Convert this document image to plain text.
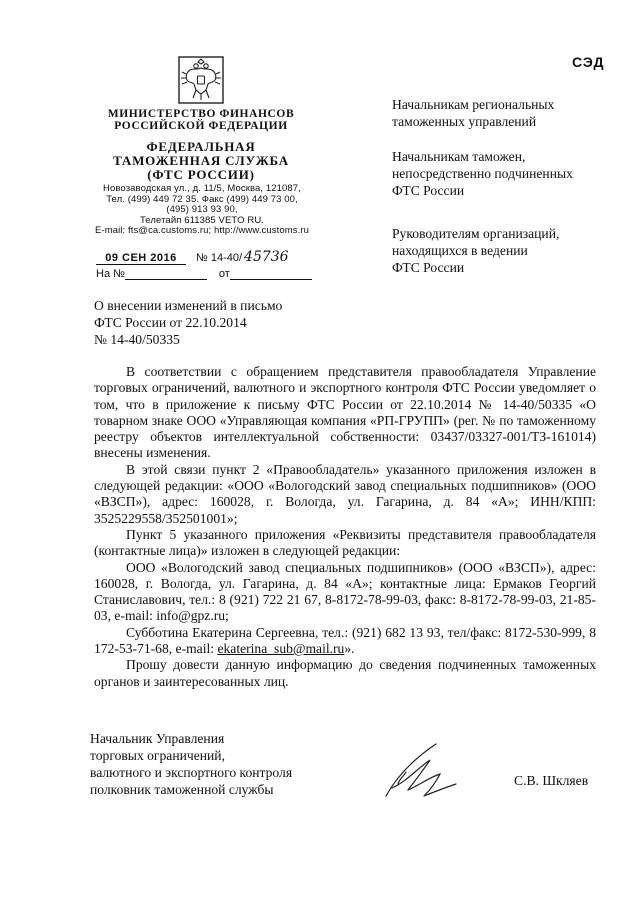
СЭД
МИНИСТЕРСТВО ФИНАНСОВ
РОССИЙСКОЙ ФЕДЕРАЦИИ
ФЕДЕРАЛЬНАЯ
ТАМОЖЕННАЯ СЛУЖБА
(ФТС РОССИИ)
Новозаводская ул., д. 11/5, Москва, 121087,
Тел. (499) 449 72 35. Факс (499) 449 73 00,
(495) 913 93 90,
Телетайп 611385 VETO RU.
E-mail: fts@ca.customs.ru; http://www.customs.ru
09 СЕН 2016 № 14-40/ 45736
На №	от
Начальникам региональных
таможенных управлений
Начальникам таможен,
непосредственно подчиненных
ФТС России
Руководителям организаций,
находящихся в ведении
ФТС России
О внесении изменений в письмо
ФТС России от 22.10.2014
№ 14-40/50335

В соответствии с обращением представителя правообладателя Управление торговых ограничений, валютного и экспортного контроля ФТС России уведомляет о том, что в приложение к письму ФТС России от 22.10.2014 № 14-40/50335 «О товарном знаке ООО «Управляющая компания «РП-ГРУПП» (рег. № по таможенному реестру объектов интеллектуальной собственности: 03437/03327-001/ТЗ-161014) внесены изменения.

В этой связи пункт 2 «Правообладатель» указанного приложения изложен в следующей редакции: «ООО «Вологодский завод специальных подшипников» (ООО «ВЗСП»), адрес: 160028, г. Вологда, ул. Гагарина, д. 84 «А»; ИНН/КПП: 3525229558/352501001»;

Пункт 5 указанного приложения «Реквизиты представителя правообладателя (контактные лица)» изложен в следующей редакции:

ООО «Вологодский завод специальных подшипников» (ООО «ВЗСП»), адрес: 160028, г. Вологда, ул. Гагарина, д. 84 «А»; контактные лица: Ермаков Георгий Станиславович, тел.: 8 (921) 722 21 67, 8-8172-78-99-03, факс: 8-8172-78-99-03, 21-85-03, e-mail: info@gpz.ru;

Субботина Екатерина Сергеевна, тел.: (921) 682 13 93, тел/факс: 8172-530-999, 8 172-53-71-68, e-mail: ekaterina_sub@mail.ru».

Прошу довести данную информацию до сведения подчиненных таможенных органов и заинтересованных лиц.

Начальник Управления
торговых ограничений,
валютного и экспортного контроля
полковник таможенной службы
С.В. Шкляев
